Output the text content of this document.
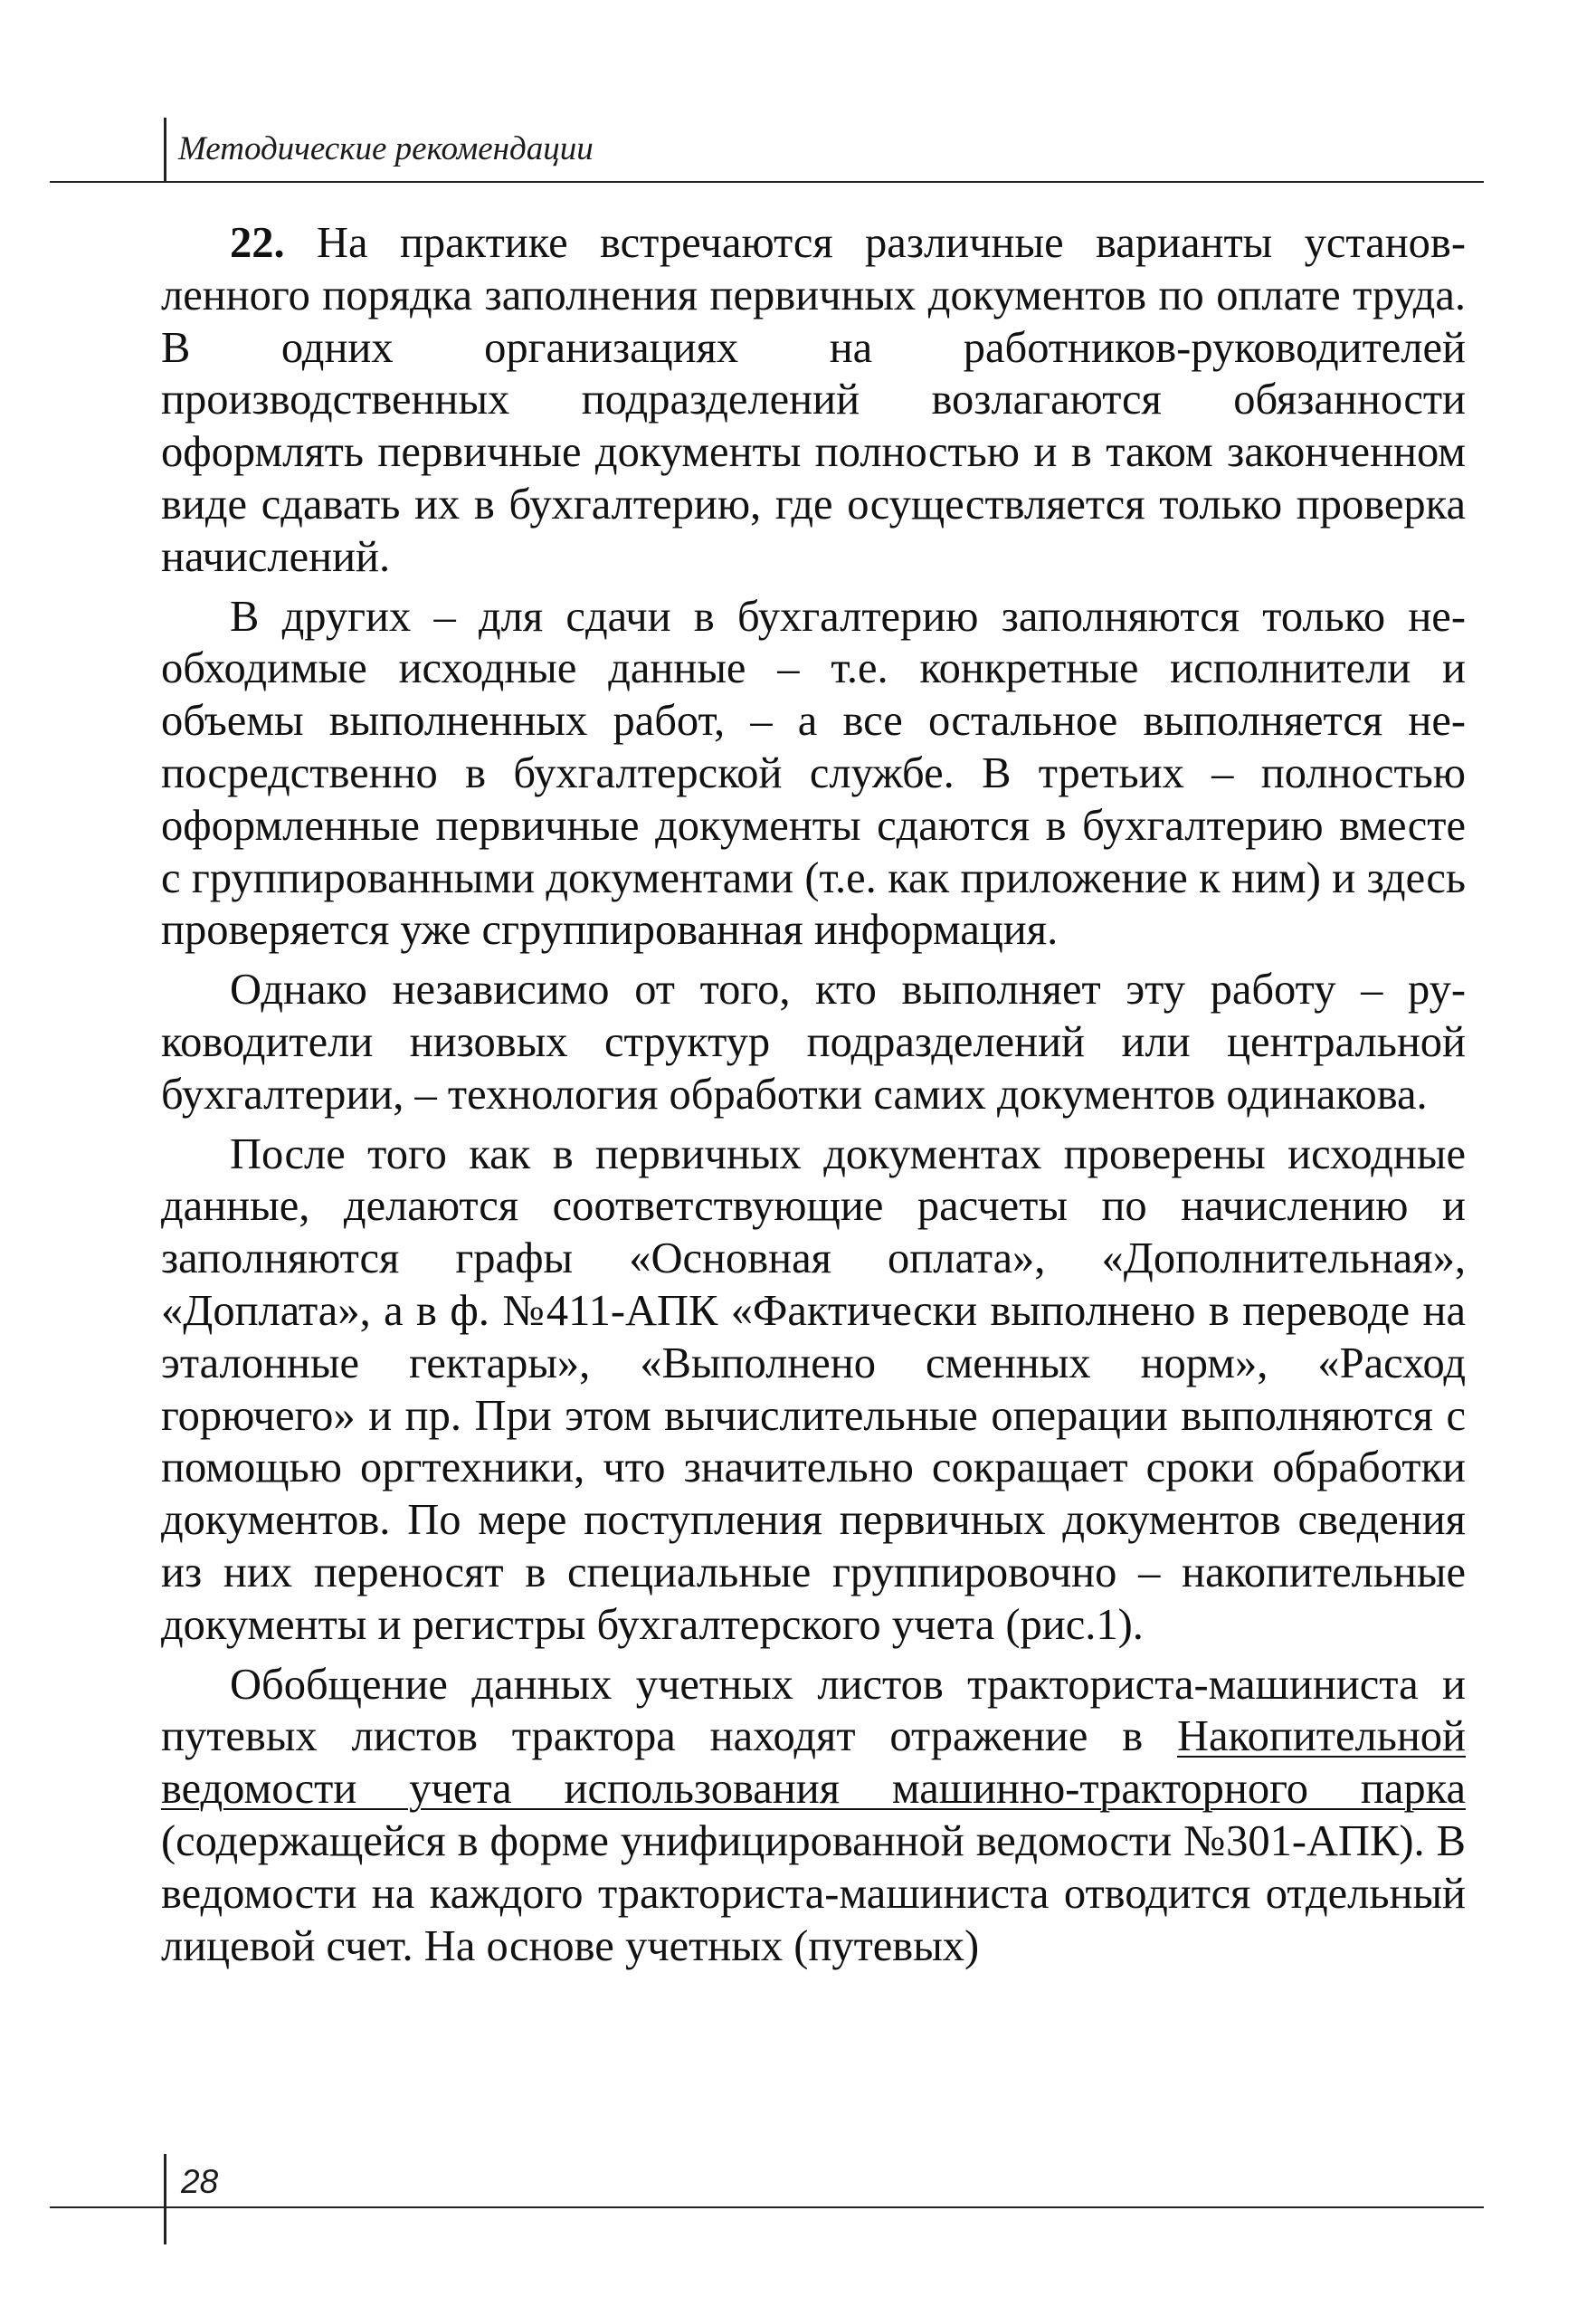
Методические рекомендации

22. На практике встречаются различные варианты установленного порядка заполнения первичных документов по оплате труда. В одних организациях на работников-руководителей производственных подразделений возлагаются обязанности оформлять первичные документы полностью и в таком законченном виде сдавать их в бухгалтерию, где осуществляется только проверка начислений.

В других – для сдачи в бухгалтерию заполняются только необходимые исходные данные – т.е. конкретные исполнители и объемы выполненных работ, – а все остальное выполняется непосредственно в бухгалтерской службе. В третьих – полностью оформленные первичные документы сдаются в бухгалтерию вместе с группированными документами (т.е. как приложение к ним) и здесь проверяется уже сгруппированная информация.

Однако независимо от того, кто выполняет эту работу – руководители низовых структур подразделений или центральной бухгалтерии, – технология обработки самих документов одинакова.

После того как в первичных документах проверены исходные данные, делаются соответствующие расчеты по начислению и заполняются графы «Основная оплата», «Дополнительная», «Доплата», а в ф. №411-АПК «Фактически выполнено в переводе на эталонные гектары», «Выполнено сменных норм», «Расход горючего» и пр. При этом вычислительные операции выполняются с помощью оргтехники, что значительно сокращает сроки обработки документов. По мере поступления первичных документов сведения из них переносят в специальные группировочно – накопительные документы и регистры бухгалтерского учета (рис.1).

Обобщение данных учетных листов тракториста-машиниста и путевых листов трактора находят отражение в Накопительной ведомости учета использования машинно-тракторного парка (содержащейся в форме унифицированной ведомости №301-АПК). В ведомости на каждого тракториста-машиниста отводится отдельный лицевой счет. На основе учетных (путевых)

28
